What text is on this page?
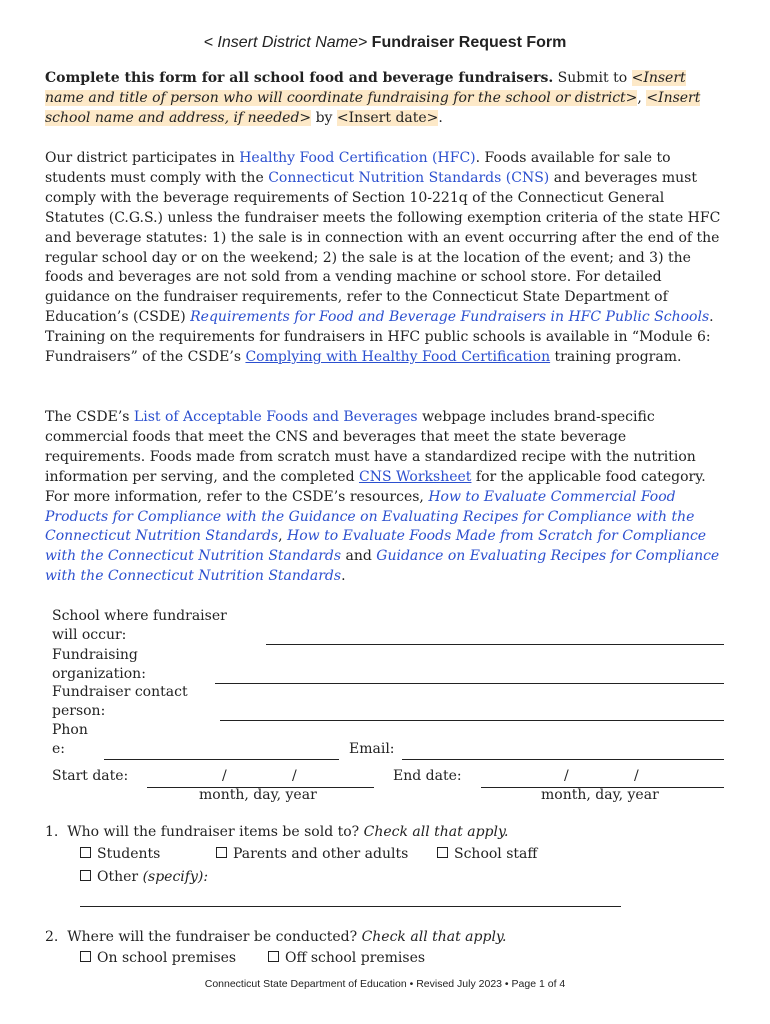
< Insert District Name> Fundraiser Request Form
Complete this form for all school food and beverage fundraisers. Submit to <Insert name and title of person who will coordinate fundraising for the school or district>, <Insert school name and address, if needed> by <Insert date>.
Our district participates in Healthy Food Certification (HFC). Foods available for sale to students must comply with the Connecticut Nutrition Standards (CNS) and beverages must comply with the beverage requirements of Section 10-221q of the Connecticut General Statutes (C.G.S.) unless the fundraiser meets the following exemption criteria of the state HFC and beverage statutes: 1) the sale is in connection with an event occurring after the end of the regular school day or on the weekend; 2) the sale is at the location of the event; and 3) the foods and beverages are not sold from a vending machine or school store. For detailed guidance on the fundraiser requirements, refer to the Connecticut State Department of Education’s (CSDE) Requirements for Food and Beverage Fundraisers in HFC Public Schools. Training on the requirements for fundraisers in HFC public schools is available in “Module 6: Fundraisers” of the CSDE’s Complying with Healthy Food Certification training program.
The CSDE’s List of Acceptable Foods and Beverages webpage includes brand-specific commercial foods that meet the CNS and beverages that meet the state beverage requirements. Foods made from scratch must have a standardized recipe with the nutrition information per serving, and the completed CNS Worksheet for the applicable food category. For more information, refer to the CSDE’s resources, How to Evaluate Commercial Food Products for Compliance with the Guidance on Evaluating Recipes for Compliance with the Connecticut Nutrition Standards, How to Evaluate Foods Made from Scratch for Compliance with the Connecticut Nutrition Standards and Guidance on Evaluating Recipes for Compliance with the Connecticut Nutrition Standards.
School where fundraiser
will occur:
Fundraising
organization:
Fundraiser contact
person:
Phon
e:	Email:
Start date:	/	/
month, day, year
End date:	/	/
month, day, year
1. Who will the fundraiser items be sold to? Check all that apply.
Students	Parents and other adults	School staff
Other (specify):
2. Where will the fundraiser be conducted? Check all that apply.
On school premises	Off school premises
Connecticut State Department of Education • Revised July 2023 • Page 1 of 4
